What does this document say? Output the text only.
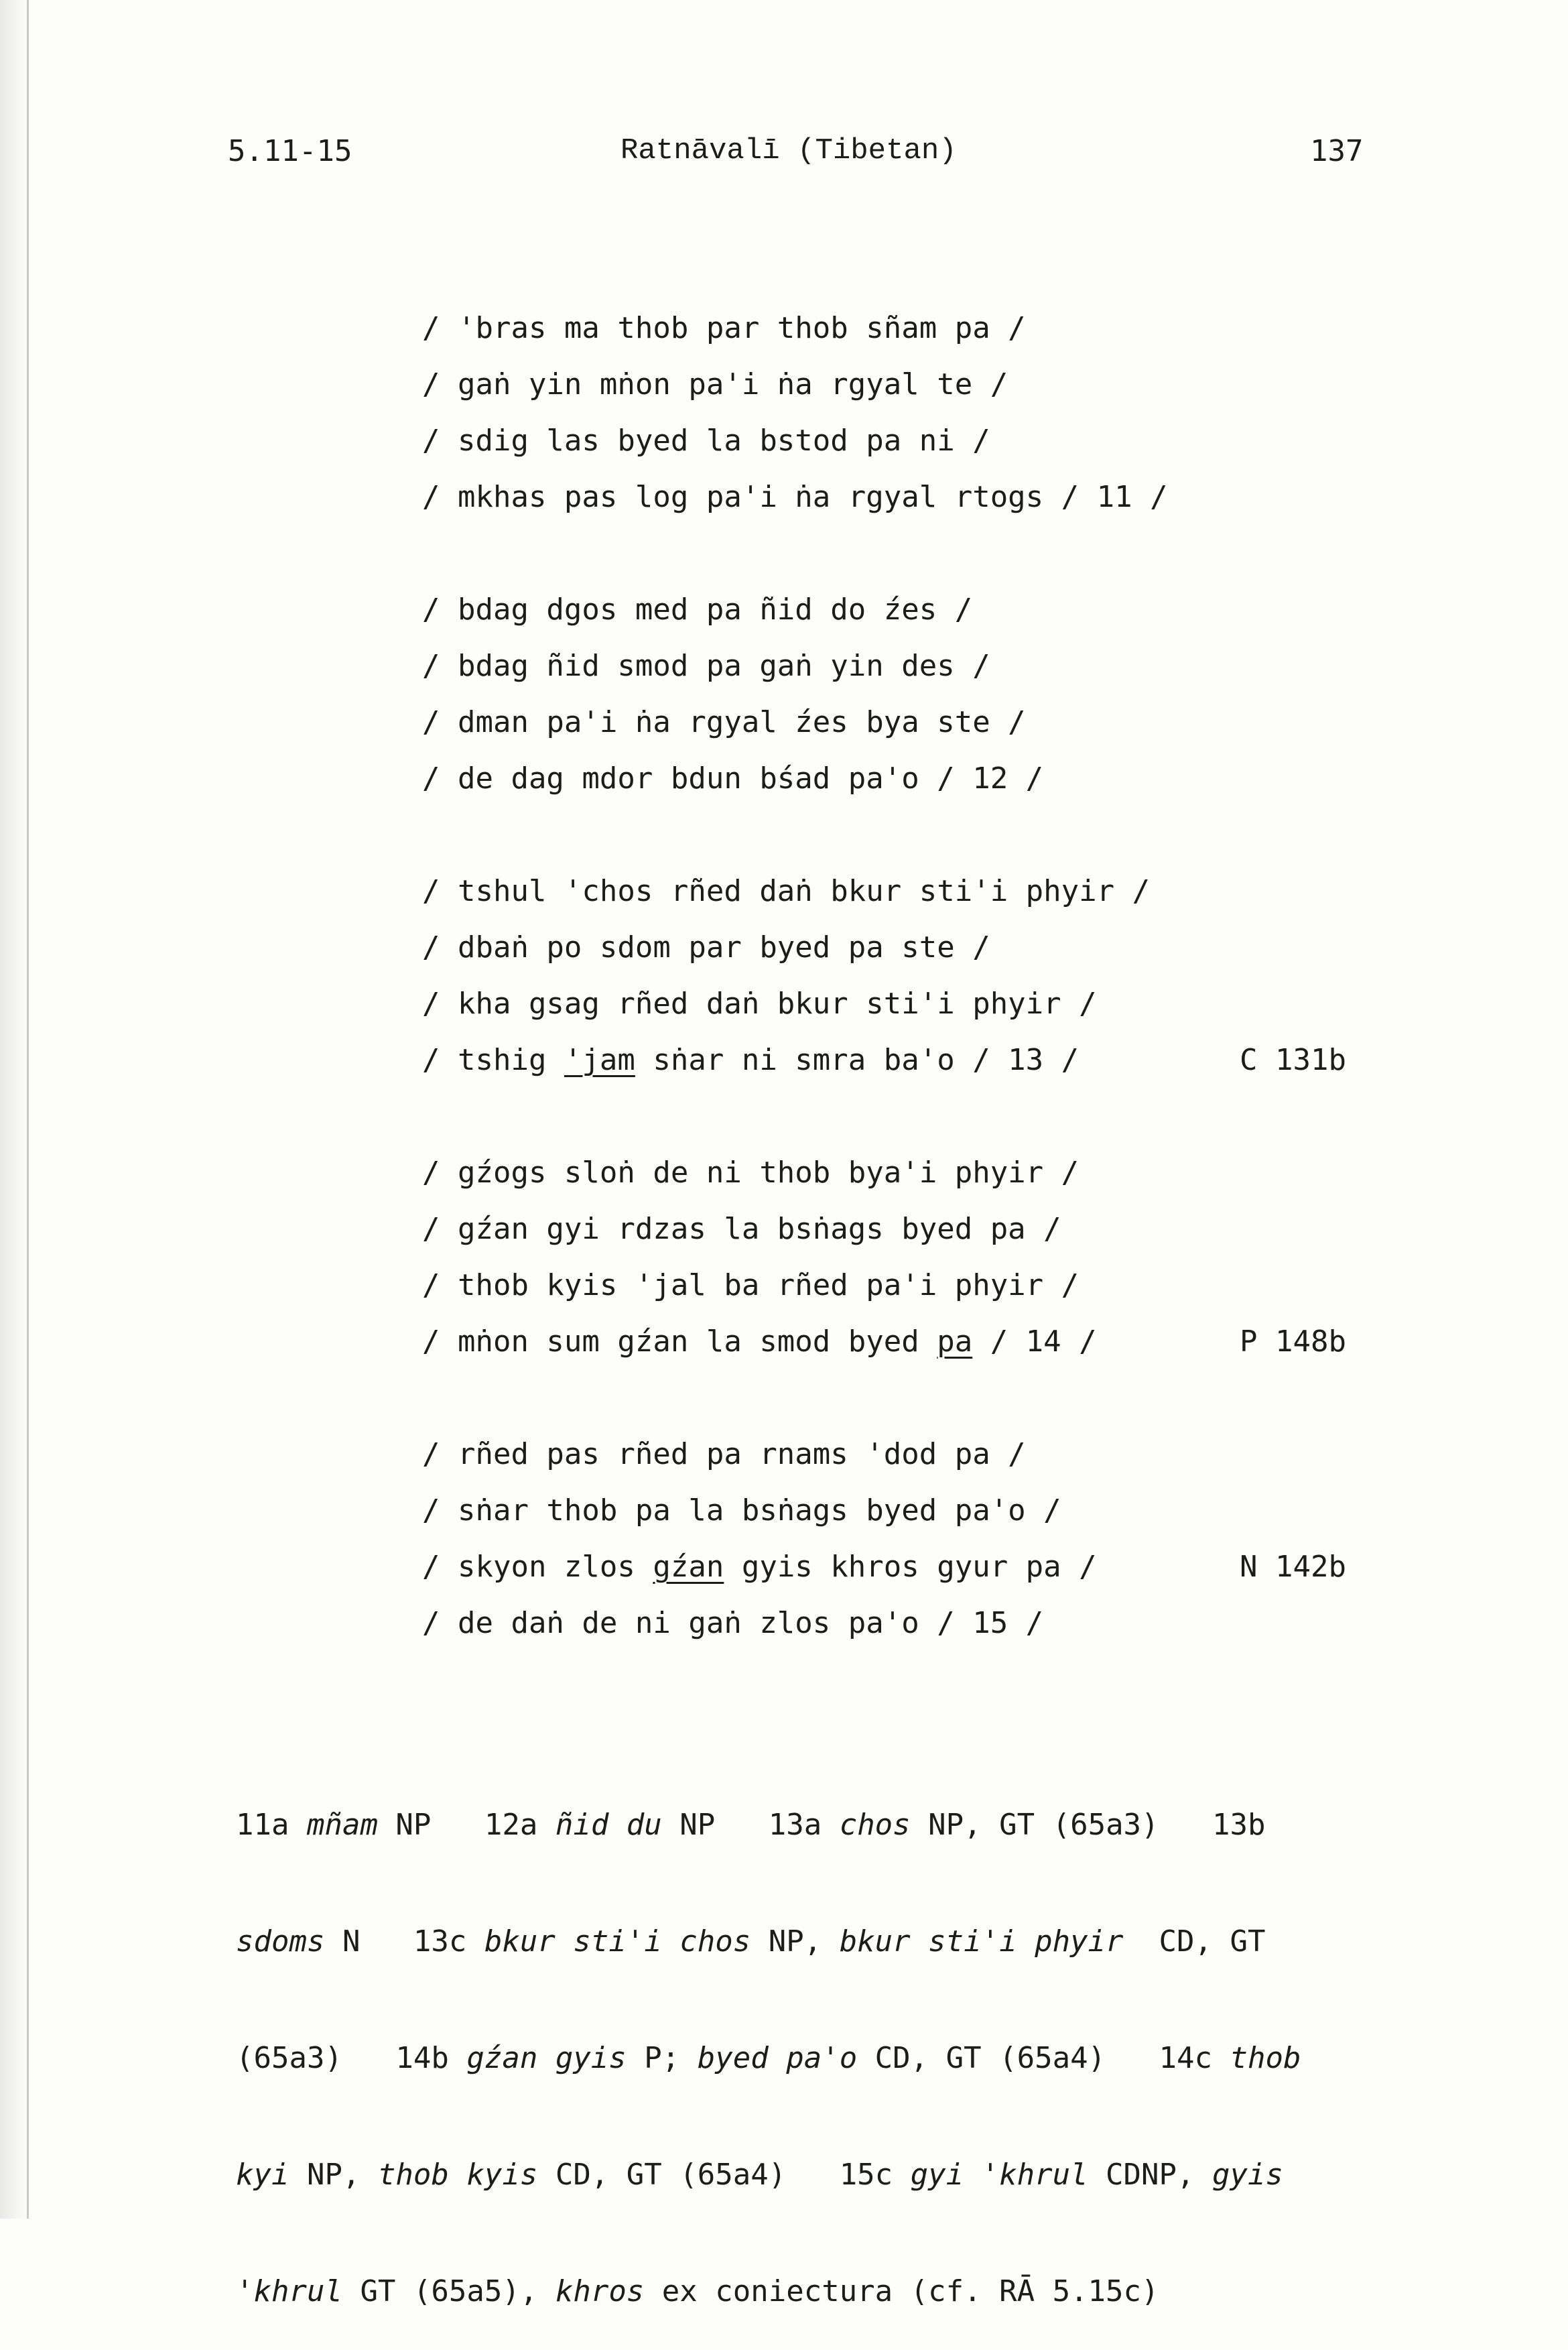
5.11-15	Ratnāvalī (Tibetan)	137
/ 'bras ma thob par thob sñam pa /
/ gaṅ yin mṅon pa'i ṅa rgyal te /
/ sdig las byed la bstod pa ni /
/ mkhas pas log pa'i ṅa rgyal rtogs / 11 /
/ bdag dgos med pa ñid do źes /
/ bdag ñid smod pa gaṅ yin des /
/ dman pa'i ṅa rgyal źes bya ste /
/ de dag mdor bdun bśad pa'o / 12 /
/ tshul 'chos rñed daṅ bkur sti'i phyir /
/ dbaṅ po sdom par byed pa ste /
/ kha gsag rñed daṅ bkur sti'i phyir /
/ tshig 'jam sṅar ni smra ba'o / 13 /	C 131b
/ gźogs sloṅ de ni thob bya'i phyir /
/ gźan gyi rdzas la bsṅags byed pa /
/ thob kyis 'jal ba rñed pa'i phyir /
/ mṅon sum gźan la smod byed pa / 14 /	P 148b
/ rñed pas rñed pa rnams 'dod pa /
/ sṅar thob pa la bsṅags byed pa'o /
/ skyon zlos gźan gyis khros gyur pa /	N 142b
/ de daṅ de ni gaṅ zlos pa'o / 15 /

11a mñam NP   12a ñid du NP   13a chos NP, GT (65a3)   13b

sdoms N   13c bkur sti'i chos NP, bkur sti'i phyir  CD, GT

(65a3)   14b gźan gyis P; byed pa'o CD, GT (65a4)   14c thob

kyi NP, thob kyis CD, GT (65a4)   15c gyi 'khrul CDNP, gyis

'khrul GT (65a5), khros ex coniectura (cf. RĀ 5.15c)
